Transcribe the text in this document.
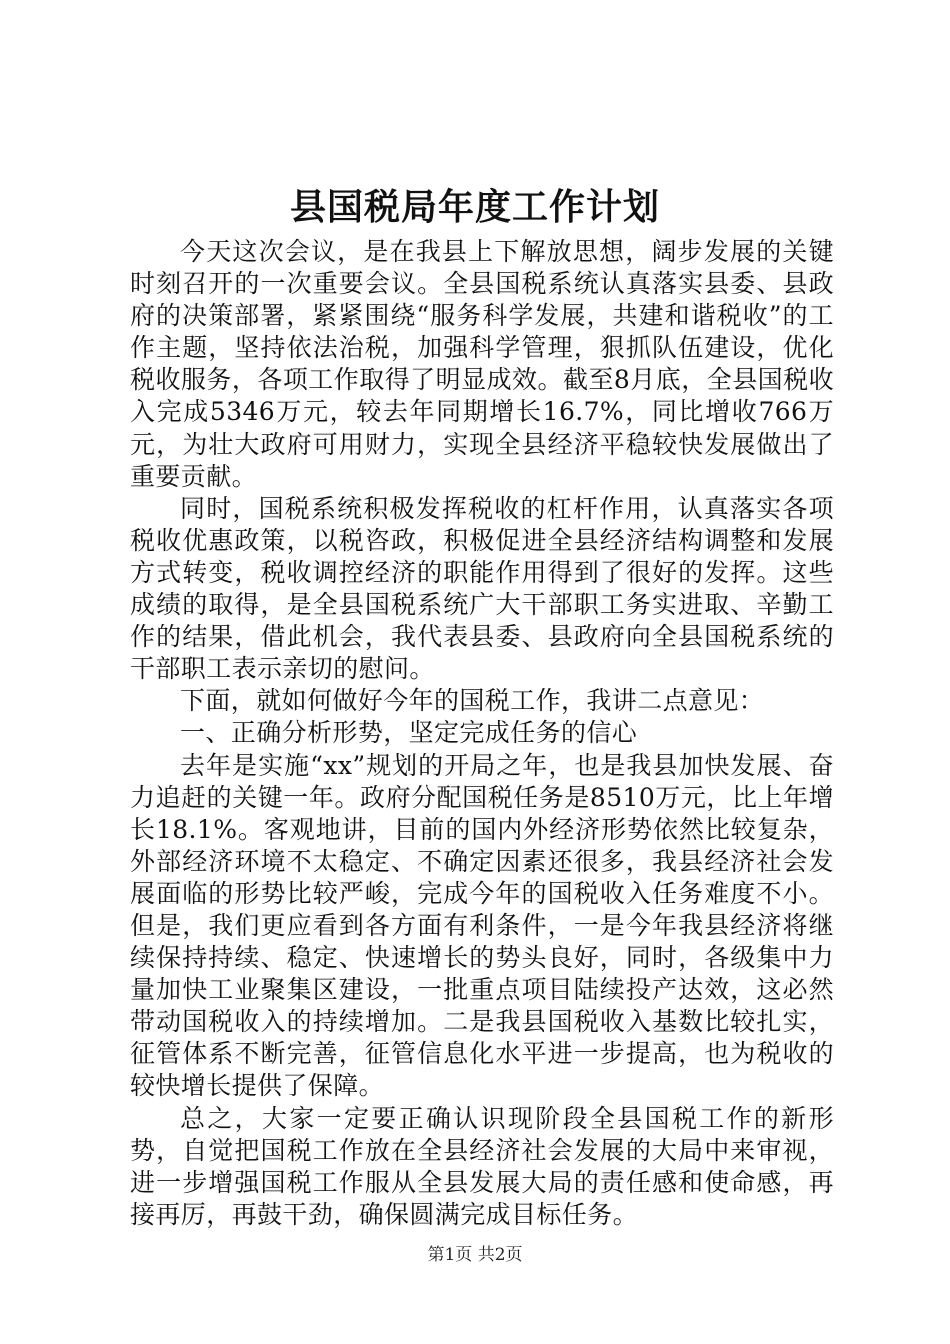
县国税局年度工作计划

今天这次会议，是在我县上下解放思想，阔步发展的关键时刻召开的一次重要会议。全县国税系统认真落实县委、县政府的决策部署，紧紧围绕“服务科学发展，共建和谐税收”的工作主题，坚持依法治税，加强科学管理，狠抓队伍建设，优化税收服务，各项工作取得了明显成效。截至8月底，全县国税收入完成5346万元，较去年同期增长16.7%，同比增收766万元，为壮大政府可用财力，实现全县经济平稳较快发展做出了重要贡献。

同时，国税系统积极发挥税收的杠杆作用，认真落实各项税收优惠政策，以税咨政，积极促进全县经济结构调整和发展方式转变，税收调控经济的职能作用得到了很好的发挥。这些成绩的取得，是全县国税系统广大干部职工务实进取、辛勤工作的结果，借此机会，我代表县委、县政府向全县国税系统的干部职工表示亲切的慰问。

下面，就如何做好今年的国税工作，我讲二点意见：

一、正确分析形势，坚定完成任务的信心

去年是实施“xx”规划的开局之年，也是我县加快发展、奋力追赶的关键一年。政府分配国税任务是8510万元，比上年增长18.1%。客观地讲，目前的国内外经济形势依然比较复杂，外部经济环境不太稳定、不确定因素还很多，我县经济社会发展面临的形势比较严峻，完成今年的国税收入任务难度不小。但是，我们更应看到各方面有利条件，一是今年我县经济将继续保持持续、稳定、快速增长的势头良好，同时，各级集中力量加快工业聚集区建设，一批重点项目陆续投产达效，这必然带动国税收入的持续增加。二是我县国税收入基数比较扎实，征管体系不断完善，征管信息化水平进一步提高，也为税收的较快增长提供了保障。

总之，大家一定要正确认识现阶段全县国税工作的新形势，自觉把国税工作放在全县经济社会发展的大局中来审视，进一步增强国税工作服从全县发展大局的责任感和使命感，再接再厉，再鼓干劲，确保圆满完成目标任务。

第1页 共2页
